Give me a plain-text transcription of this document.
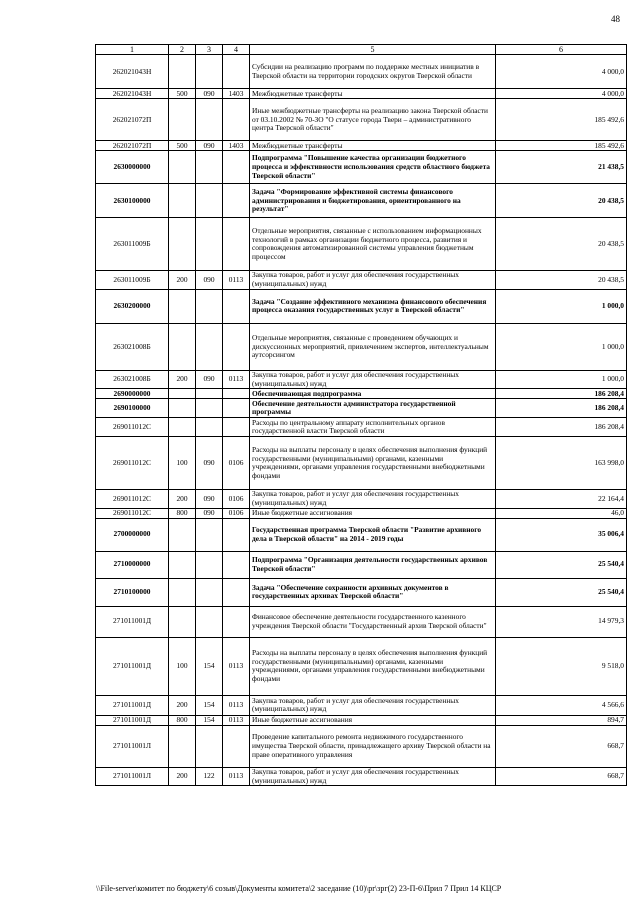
48
1	2	3	4	5	6
262021043Н				Субсидии на реализацию программ по поддержке местных инициатив в Тверской области на территории городских округов Тверской области	4 000,0
262021043Н	500	090	1403	Межбюджетные трансферты	4 000,0
262021072П				Иные межбюджетные трансферты на реализацию закона Тверской области от 03.10.2002 № 70-ЗО "О статусе города Твери – административного центра Тверской области"	185 492,6
262021072П	500	090	1403	Межбюджетные трансферты	185 492,6
2630000000				Подпрограмма "Повышение качества организации бюджетного процесса и эффективности использования средств областного бюджета Тверской области"	21 438,5
2630100000				Задача "Формирование эффективной системы финансового администрирования и бюджетирования, ориентированного на результат"	20 438,5
263011009Б				Отдельные мероприятия, связанные с использованием информационных технологий в рамках организации бюджетного процесса, развития и сопровождения автоматизированной системы управления бюджетным процессом	20 438,5
263011009Б	200	090	0113	Закупка товаров, работ и услуг для обеспечения государственных (муниципальных) нужд	20 438,5
2630200000				Задача "Создание эффективного механизма финансового обеспечения процесса оказания государственных услуг в Тверской области"	1 000,0
263021008Б				Отдельные мероприятия, связанные с проведением обучающих и дискуссионных мероприятий, привлечением экспертов, интеллектуальным аутсорсингом	1 000,0
263021008Б	200	090	0113	Закупка товаров, работ и услуг для обеспечения государственных (муниципальных) нужд	1 000,0
2690000000				Обеспечивающая подпрограмма	186 208,4
2690100000				Обеспечение деятельности администратора государственной программы	186 208,4
269011012С				Расходы по центральному аппарату исполнительных органов государственной власти Тверской области	186 208,4
269011012С	100	090	0106	Расходы на выплаты персоналу в целях обеспечения выполнения функций государственными (муниципальными) органами, казенными учреждениями, органами управления государственными внебюджетными фондами	163 998,0
269011012С	200	090	0106	Закупка товаров, работ и услуг для обеспечения государственных (муниципальных) нужд	22 164,4
269011012С	800	090	0106	Иные бюджетные ассигнования	46,0
2700000000				Государственная программа Тверской области "Развитие архивного дела в Тверской области" на 2014 - 2019 годы	35 006,4
2710000000				Подпрограмма "Организация деятельности государственных архивов Тверской области"	25 540,4
2710100000				Задача "Обеспечение сохранности архивных документов в государственных архивах Тверской области"	25 540,4
271011001Д				Финансовое обеспечение деятельности государственного казенного учреждения Тверской области "Государственный архив Тверской области"	14 979,3
271011001Д	100	154	0113	Расходы на выплаты персоналу в целях обеспечения выполнения функций государственными (муниципальными) органами, казенными учреждениями, органами управления государственными внебюджетными фондами	9 518,0
271011001Д	200	154	0113	Закупка товаров, работ и услуг для обеспечения государственных (муниципальных) нужд	4 566,6
271011001Д	800	154	0113	Иные бюджетные ассигнования	894,7
271011001Л				Проведение капитального ремонта недвижимого государственного имущества Тверской области, принадлежащего архиву Тверской области на праве оперативного управления	668,7
271011001Л	200	122	0113	Закупка товаров, работ и услуг для обеспечения государственных (муниципальных) нужд	668,7
\\File-server\комитет по бюджету\6 созыв\Документы комитета\2 заседание (10)\pr\зрг(2) 23-П-6\Прил 7 Прил 14 КЦСР
